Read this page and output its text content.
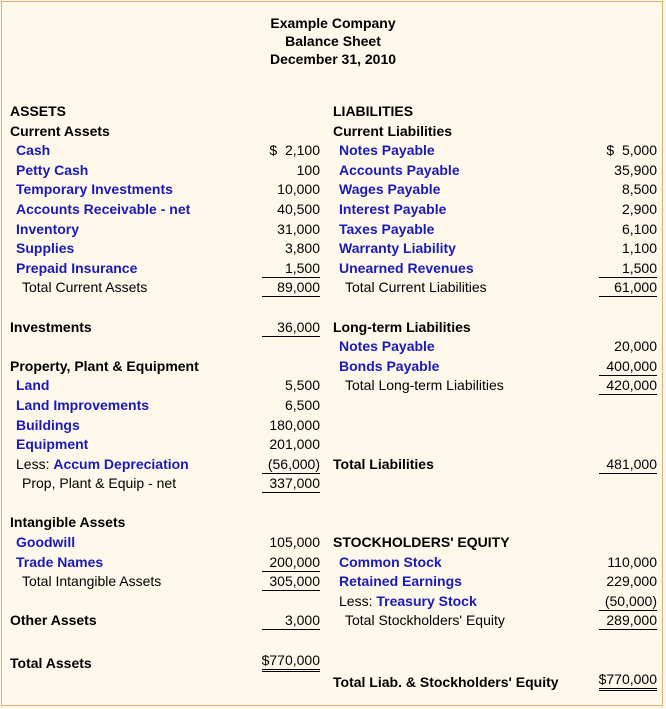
Example Company
Balance Sheet
December 31, 2010
ASSETS
Current Assets
Cash	$  2,100
Petty Cash	100
Temporary Investments	10,000
Accounts Receivable - net	40,500
Inventory	31,000
Supplies	3,800
Prepaid Insurance	1,500
Total Current Assets	89,000
Investments	36,000
Property, Plant & Equipment
Land	5,500
Land Improvements	6,500
Buildings	180,000
Equipment	201,000
Less: Accum Depreciation	(56,000)
Prop, Plant & Equip - net	337,000
Intangible Assets
Goodwill	105,000
Trade Names	200,000
Total Intangible Assets	305,000
Other Assets	3,000
Total Assets	$770,000
LIABILITIES
Current Liabilities
Notes Payable	$  5,000
Accounts Payable	35,900
Wages Payable	8,500
Interest Payable	2,900
Taxes Payable	6,100
Warranty Liability	1,100
Unearned Revenues	1,500
Total Current Liabilities	61,000
Long-term Liabilities
Notes Payable	20,000
Bonds Payable	400,000
Total Long-term Liabilities	420,000
Total Liabilities	481,000
STOCKHOLDERS' EQUITY
Common Stock	110,000
Retained Earnings	229,000
Less: Treasury Stock	(50,000)
Total Stockholders' Equity	289,000
Total Liab. & Stockholders' Equity	$770,000
